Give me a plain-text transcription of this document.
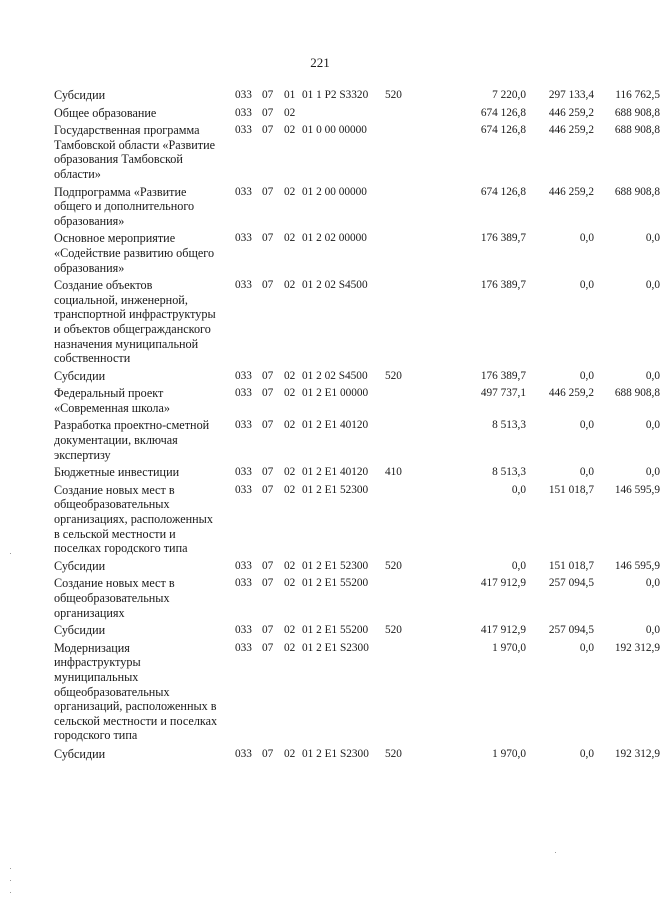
221
Субсидии	033 07 01 01 1 P2 S3320 520	7 220,0	297 133,4	116 762,5
Общее образование	033 07 02	674 126,8	446 259,2	688 908,8
Государственная программа
Тамбовской области «Развитие
образования Тамбовской
области»
033 07 02 01 0 00 00000	674 126,8	446 259,2	688 908,8
Подпрограмма «Развитие
общего и дополнительного
образования»
033 07 02 01 2 00 00000	674 126,8	446 259,2	688 908,8
Основное мероприятие
«Содействие развитию общего
образования»
033 07 02 01 2 02 00000	176 389,7	0,0	0,0
Создание объектов
социальной, инженерной,
транспортной инфраструктуры
и объектов общегражданского
назначения муниципальной
собственности
033 07 02 01 2 02 S4500	176 389,7	0,0	0,0
Субсидии	033 07 02 01 2 02 S4500 520	176 389,7	0,0	0,0
Федеральный проект
«Современная школа»
033 07 02 01 2 E1 00000	497 737,1	446 259,2	688 908,8
Разработка проектно-сметной
документации, включая
экспертизу
033 07 02 01 2 E1 40120	8 513,3	0,0	0,0
Бюджетные инвестиции	033 07 02 01 2 E1 40120 410	8 513,3	0,0	0,0
Создание новых мест в
общеобразовательных
организациях, расположенных
в сельской местности и
поселках городского типа
033 07 02 01 2 E1 52300	0,0	151 018,7	146 595,9
Субсидии	033 07 02 01 2 E1 52300 520	0,0	151 018,7	146 595,9
Создание новых мест в
общеобразовательных
организациях
033 07 02 01 2 E1 55200	417 912,9	257 094,5	0,0
Субсидии	033 07 02 01 2 E1 55200 520	417 912,9	257 094,5	0,0
Модернизация
инфраструктуры
муниципальных
общеобразовательных
организаций, расположенных в
сельской местности и поселках
городского типа
033 07 02 01 2 E1 S2300	1 970,0	0,0	192 312,9
Субсидии	033 07 02 01 2 E1 S2300 520	1 970,0	0,0	192 312,9
